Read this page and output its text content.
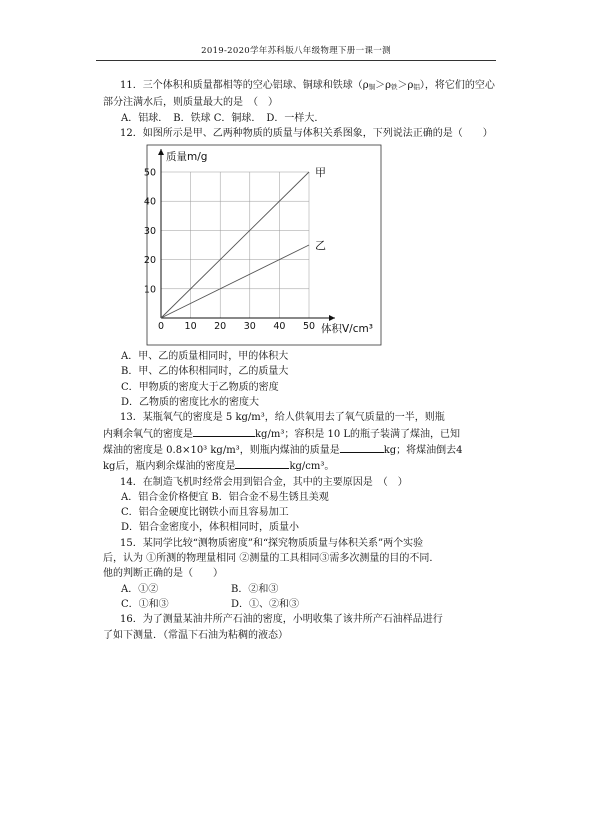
2019-2020学年苏科版八年级物理下册一课一测

11．三个体积和质量都相等的空心铝球、铜球和铁球$(\rho_铜>\rho_铁>\rho_铝)$，将它们的空心部分注满水后，则质量最大的是　（　）

A．铝球．　B．铁球 C．铜球．　D．一样大．

12．如图所示是甲、乙两种物质的质量与体积关系图象，下列说法正确的是（　　）

0 10 20 30 40 50
10
20
30
40
50
质量m/g
体积V/cm³
甲
乙

A．甲、乙的质量相同时，甲的体积大

B．甲、乙的体积相同时，乙的质量大

C．甲物质的密度大于乙物质的密度

D．乙物质的密度比水的密度大

13．某瓶氧气的密度是 5 kg/m³，给人供氧用去了氧气质量的一半，则瓶

内剩余氧气的密度是	kg/m³；容积是 10 L的瓶子装满了煤油，已知

煤油的密度是 0.8×10³ kg/m³，则瓶内煤油的质量是	kg；将煤油倒去4

kg后，瓶内剩余煤油的密度是	kg/cm³。

14．在制造飞机时经常会用到铝合金，其中的主要原因是　（　）

A．铝合金价格便宜 B．铝合金不易生锈且美观

C．铝合金硬度比钢铁小而且容易加工

D．铝合金密度小，体积相同时，质量小

15．某同学比较“测物质密度”和“探究物质质量与体积关系”两个实验

后，认为 ①所测的物理量相同 ②测量的工具相同③需多次测量的目的不同．

他的判断正确的是（　　）

A．①②	B．②和③

C．①和③	D．①、②和③

16．为了测量某油井所产石油的密度，小明收集了该井所产石油样品进行

了如下测量．（常温下石油为粘稠的液态）
